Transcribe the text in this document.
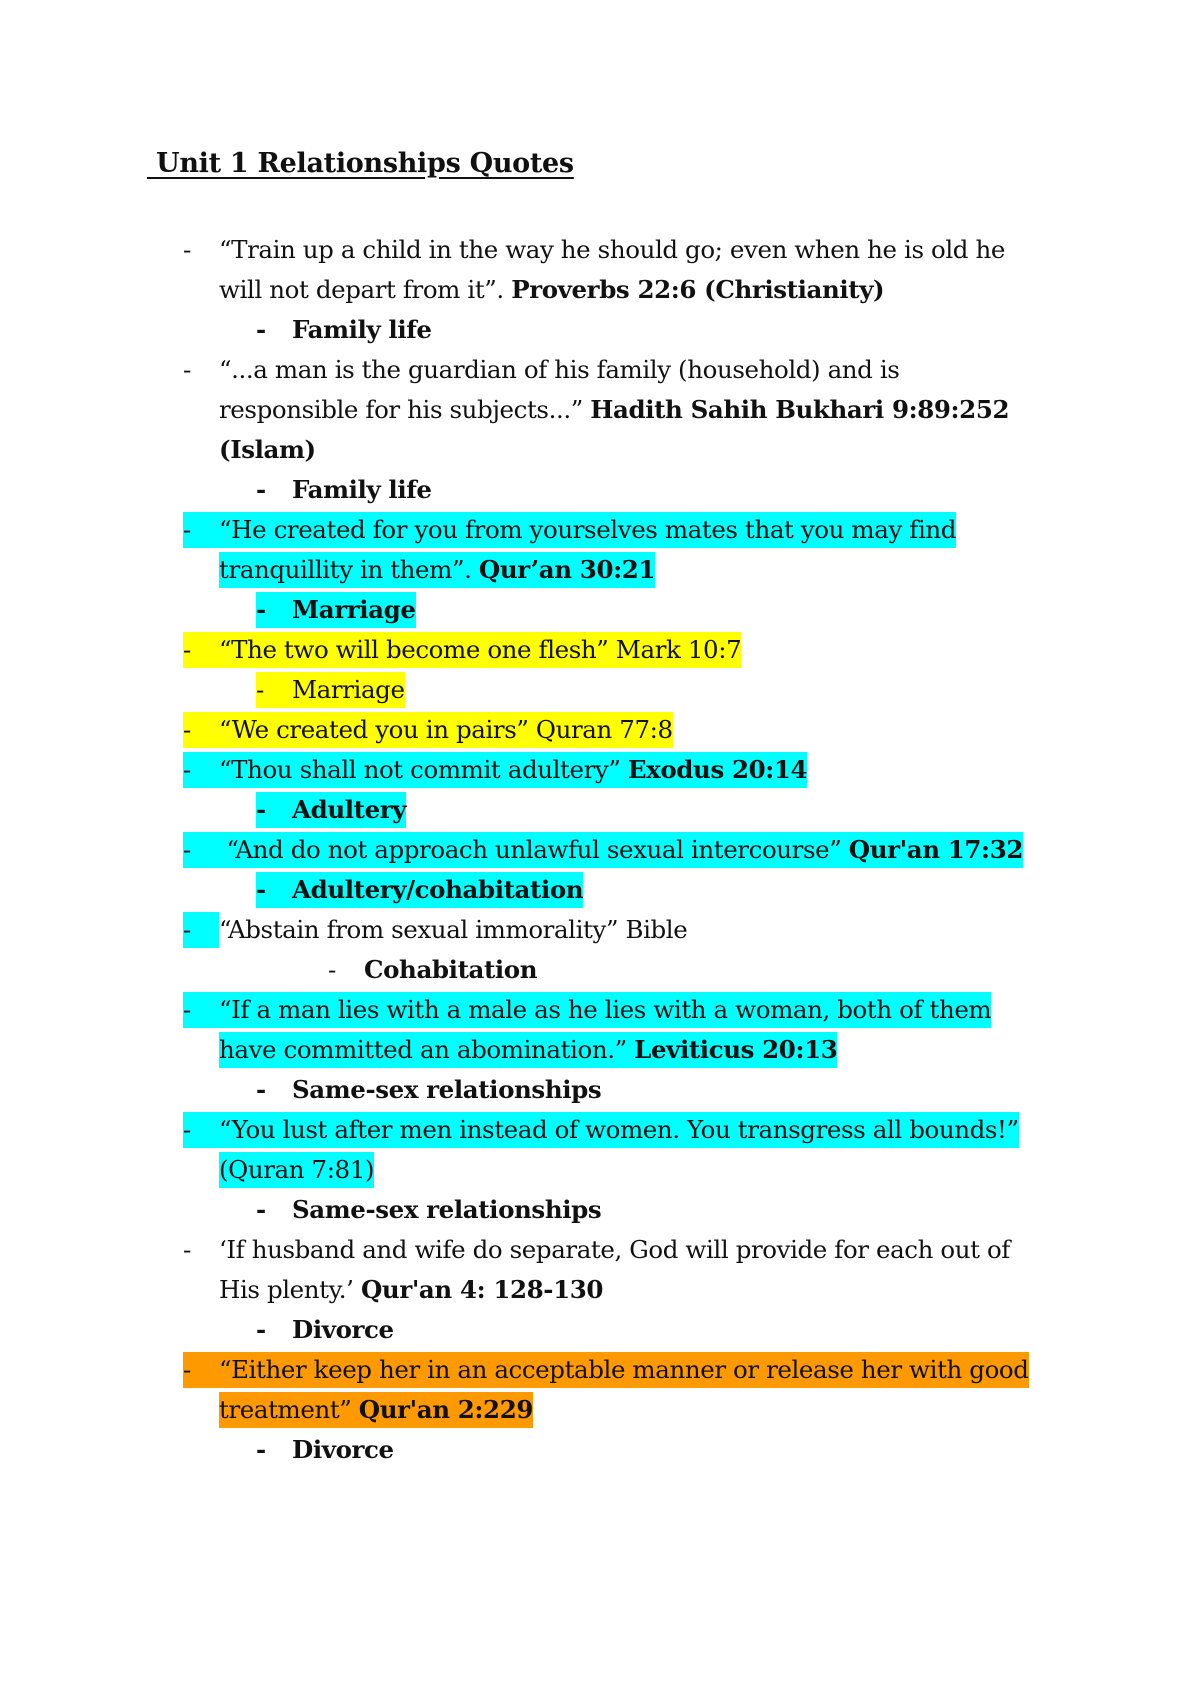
Unit 1 Relationships Quotes
- “Train up a child in the way he should go; even when he is old he
will not depart from it”. Proverbs 22:6 (Christianity)
- Family life
- “...a man is the guardian of his family (household) and is
responsible for his subjects...” Hadith Sahih Bukhari 9:89:252
(Islam)
- Family life
-	“He created for you from yourselves mates that you may find
tranquillity in them”. Qur’an 30:21
-	Marriage
-	“The two will become one flesh” Mark 10:7
-	Marriage
-	“We created you in pairs” Quran 77:8
-	“Thou shall not commit adultery” Exodus 20:14
-	Adultery
-	“And do not approach unlawful sexual intercourse” Qur'an 17:32
-	Adultery/cohabitation
-	“Abstain from sexual immorality” Bible
- Cohabitation
-	“If a man lies with a male as he lies with a woman, both of them
have committed an abomination.” Leviticus 20:13
- Same-sex relationships
-	“You lust after men instead of women. You transgress all bounds!”
(Quran 7:81)
- Same-sex relationships
- ‘If husband and wife do separate, God will provide for each out of
His plenty.’ Qur'an 4: 128-130
- Divorce
-	“Either keep her in an acceptable manner or release her with good
treatment” Qur'an 2:229
- Divorce
